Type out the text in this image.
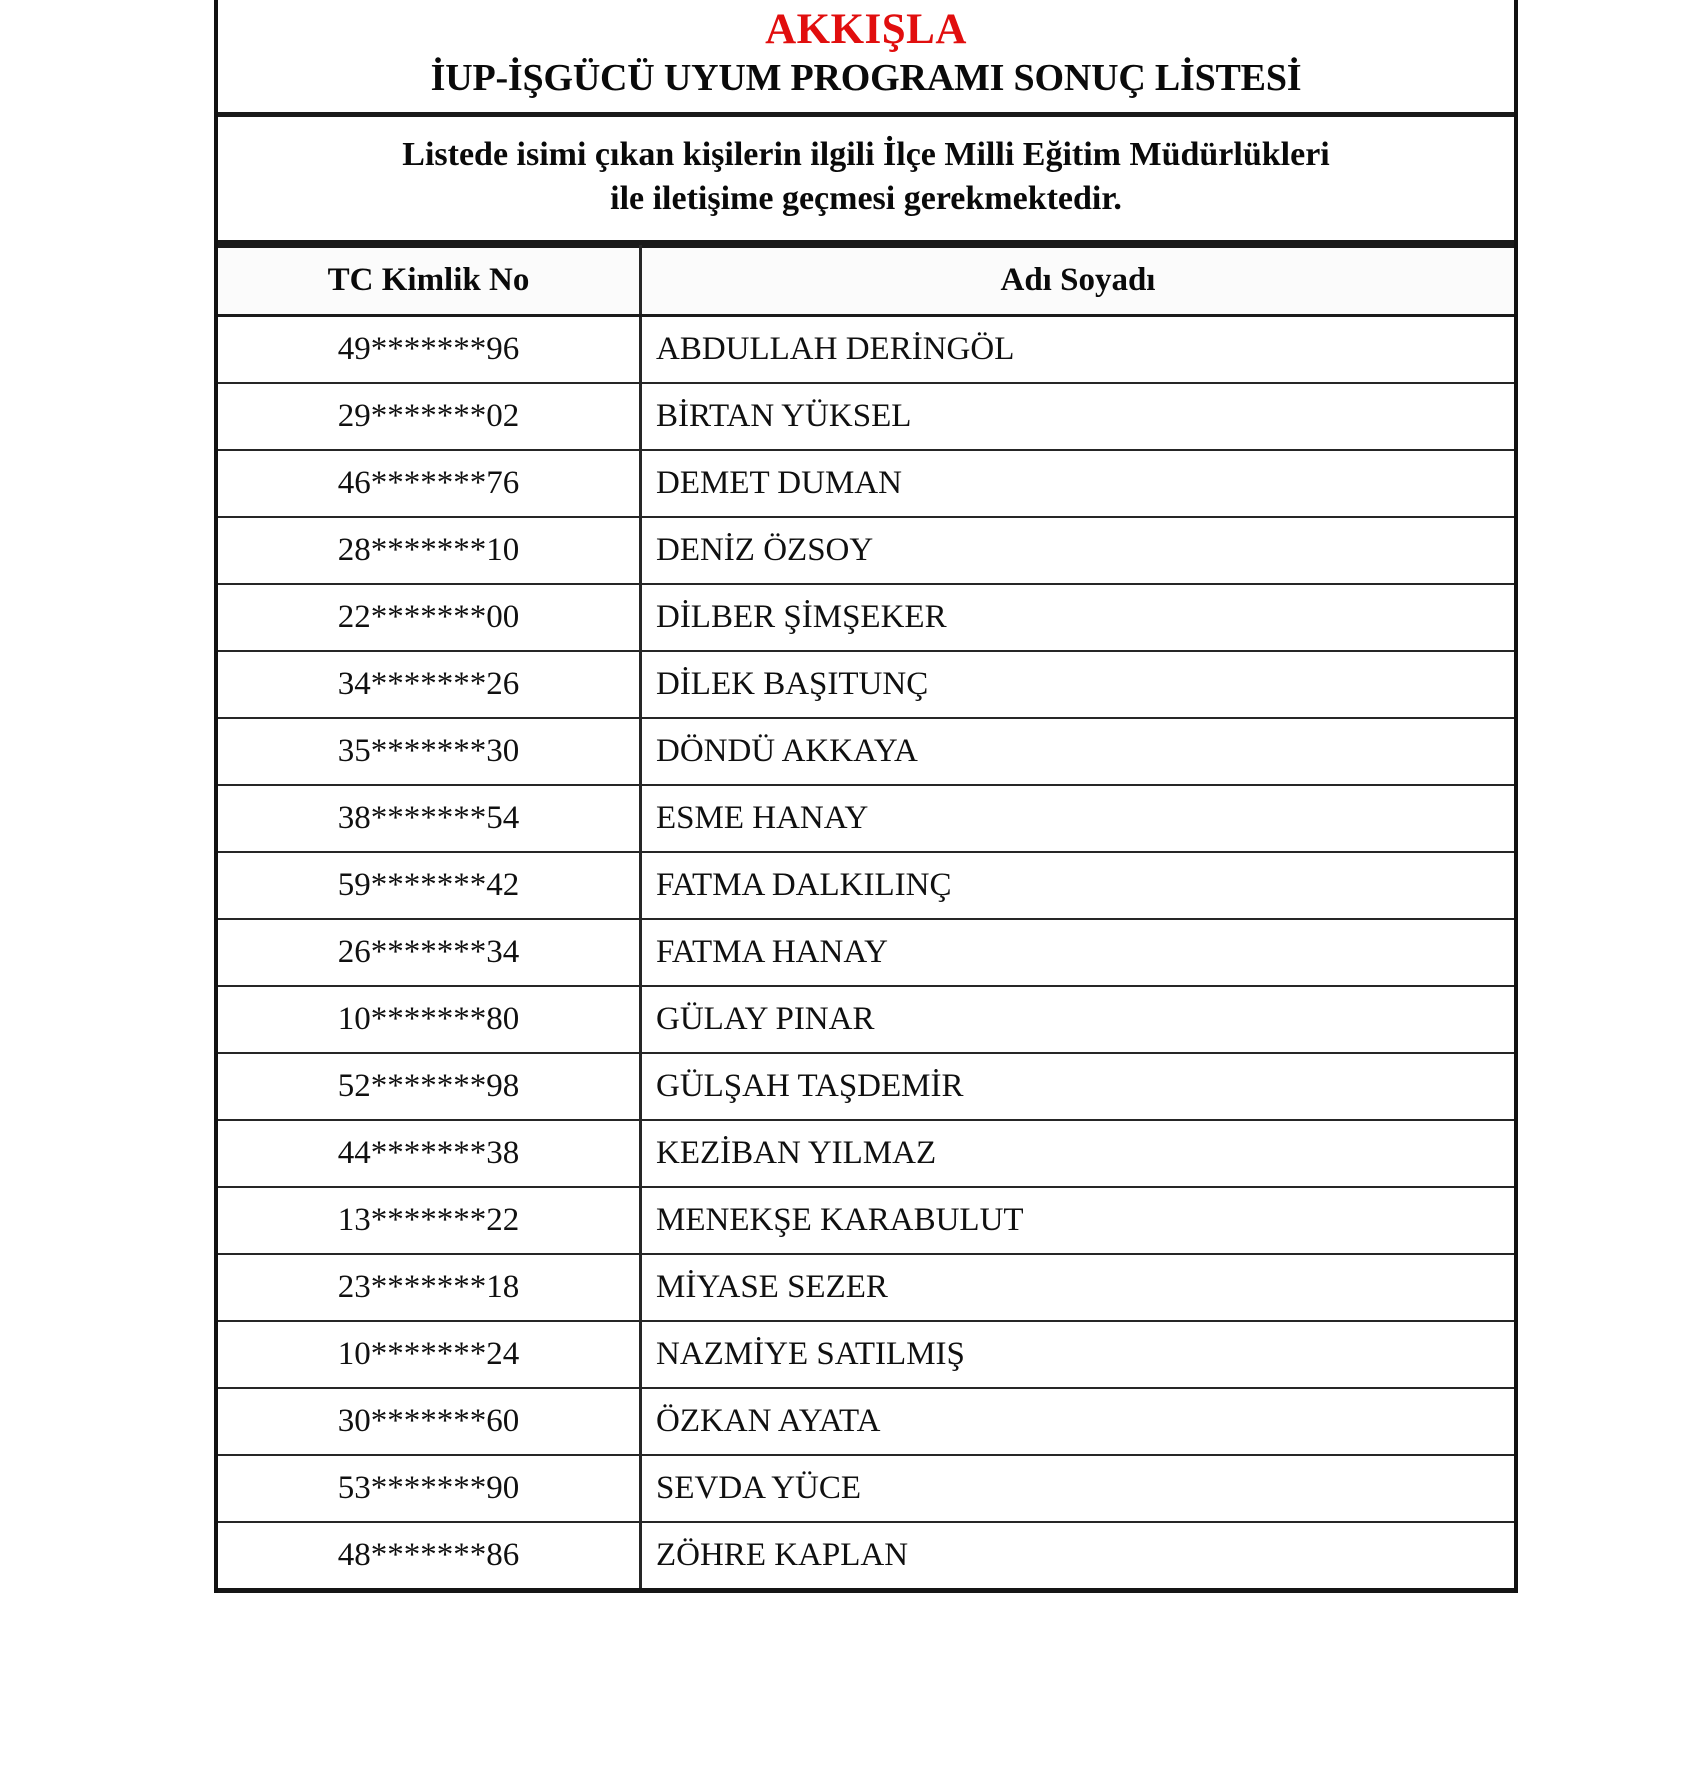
AKKIŞLA
İUP-İŞGÜCÜ UYUM PROGRAMI SONUÇ LİSTESİ
Listede isimi çıkan kişilerin ilgili İlçe Milli Eğitim Müdürlükleri
ile iletişime geçmesi gerekmektedir.
TC Kimlik No	Adı Soyadı
49*******96	ABDULLAH DERİNGÖL
29*******02	BİRTAN YÜKSEL
46*******76	DEMET DUMAN
28*******10	DENİZ ÖZSOY
22*******00	DİLBER ŞİMŞEKER
34*******26	DİLEK BAŞITUNÇ
35*******30	DÖNDÜ AKKAYA
38*******54	ESME HANAY
59*******42	FATMA DALKILINÇ
26*******34	FATMA HANAY
10*******80	GÜLAY PINAR
52*******98	GÜLŞAH TAŞDEMİR
44*******38	KEZİBAN YILMAZ
13*******22	MENEKŞE KARABULUT
23*******18	MİYASE SEZER
10*******24	NAZMİYE SATILMIŞ
30*******60	ÖZKAN AYATA
53*******90	SEVDA YÜCE
48*******86	ZÖHRE KAPLAN
